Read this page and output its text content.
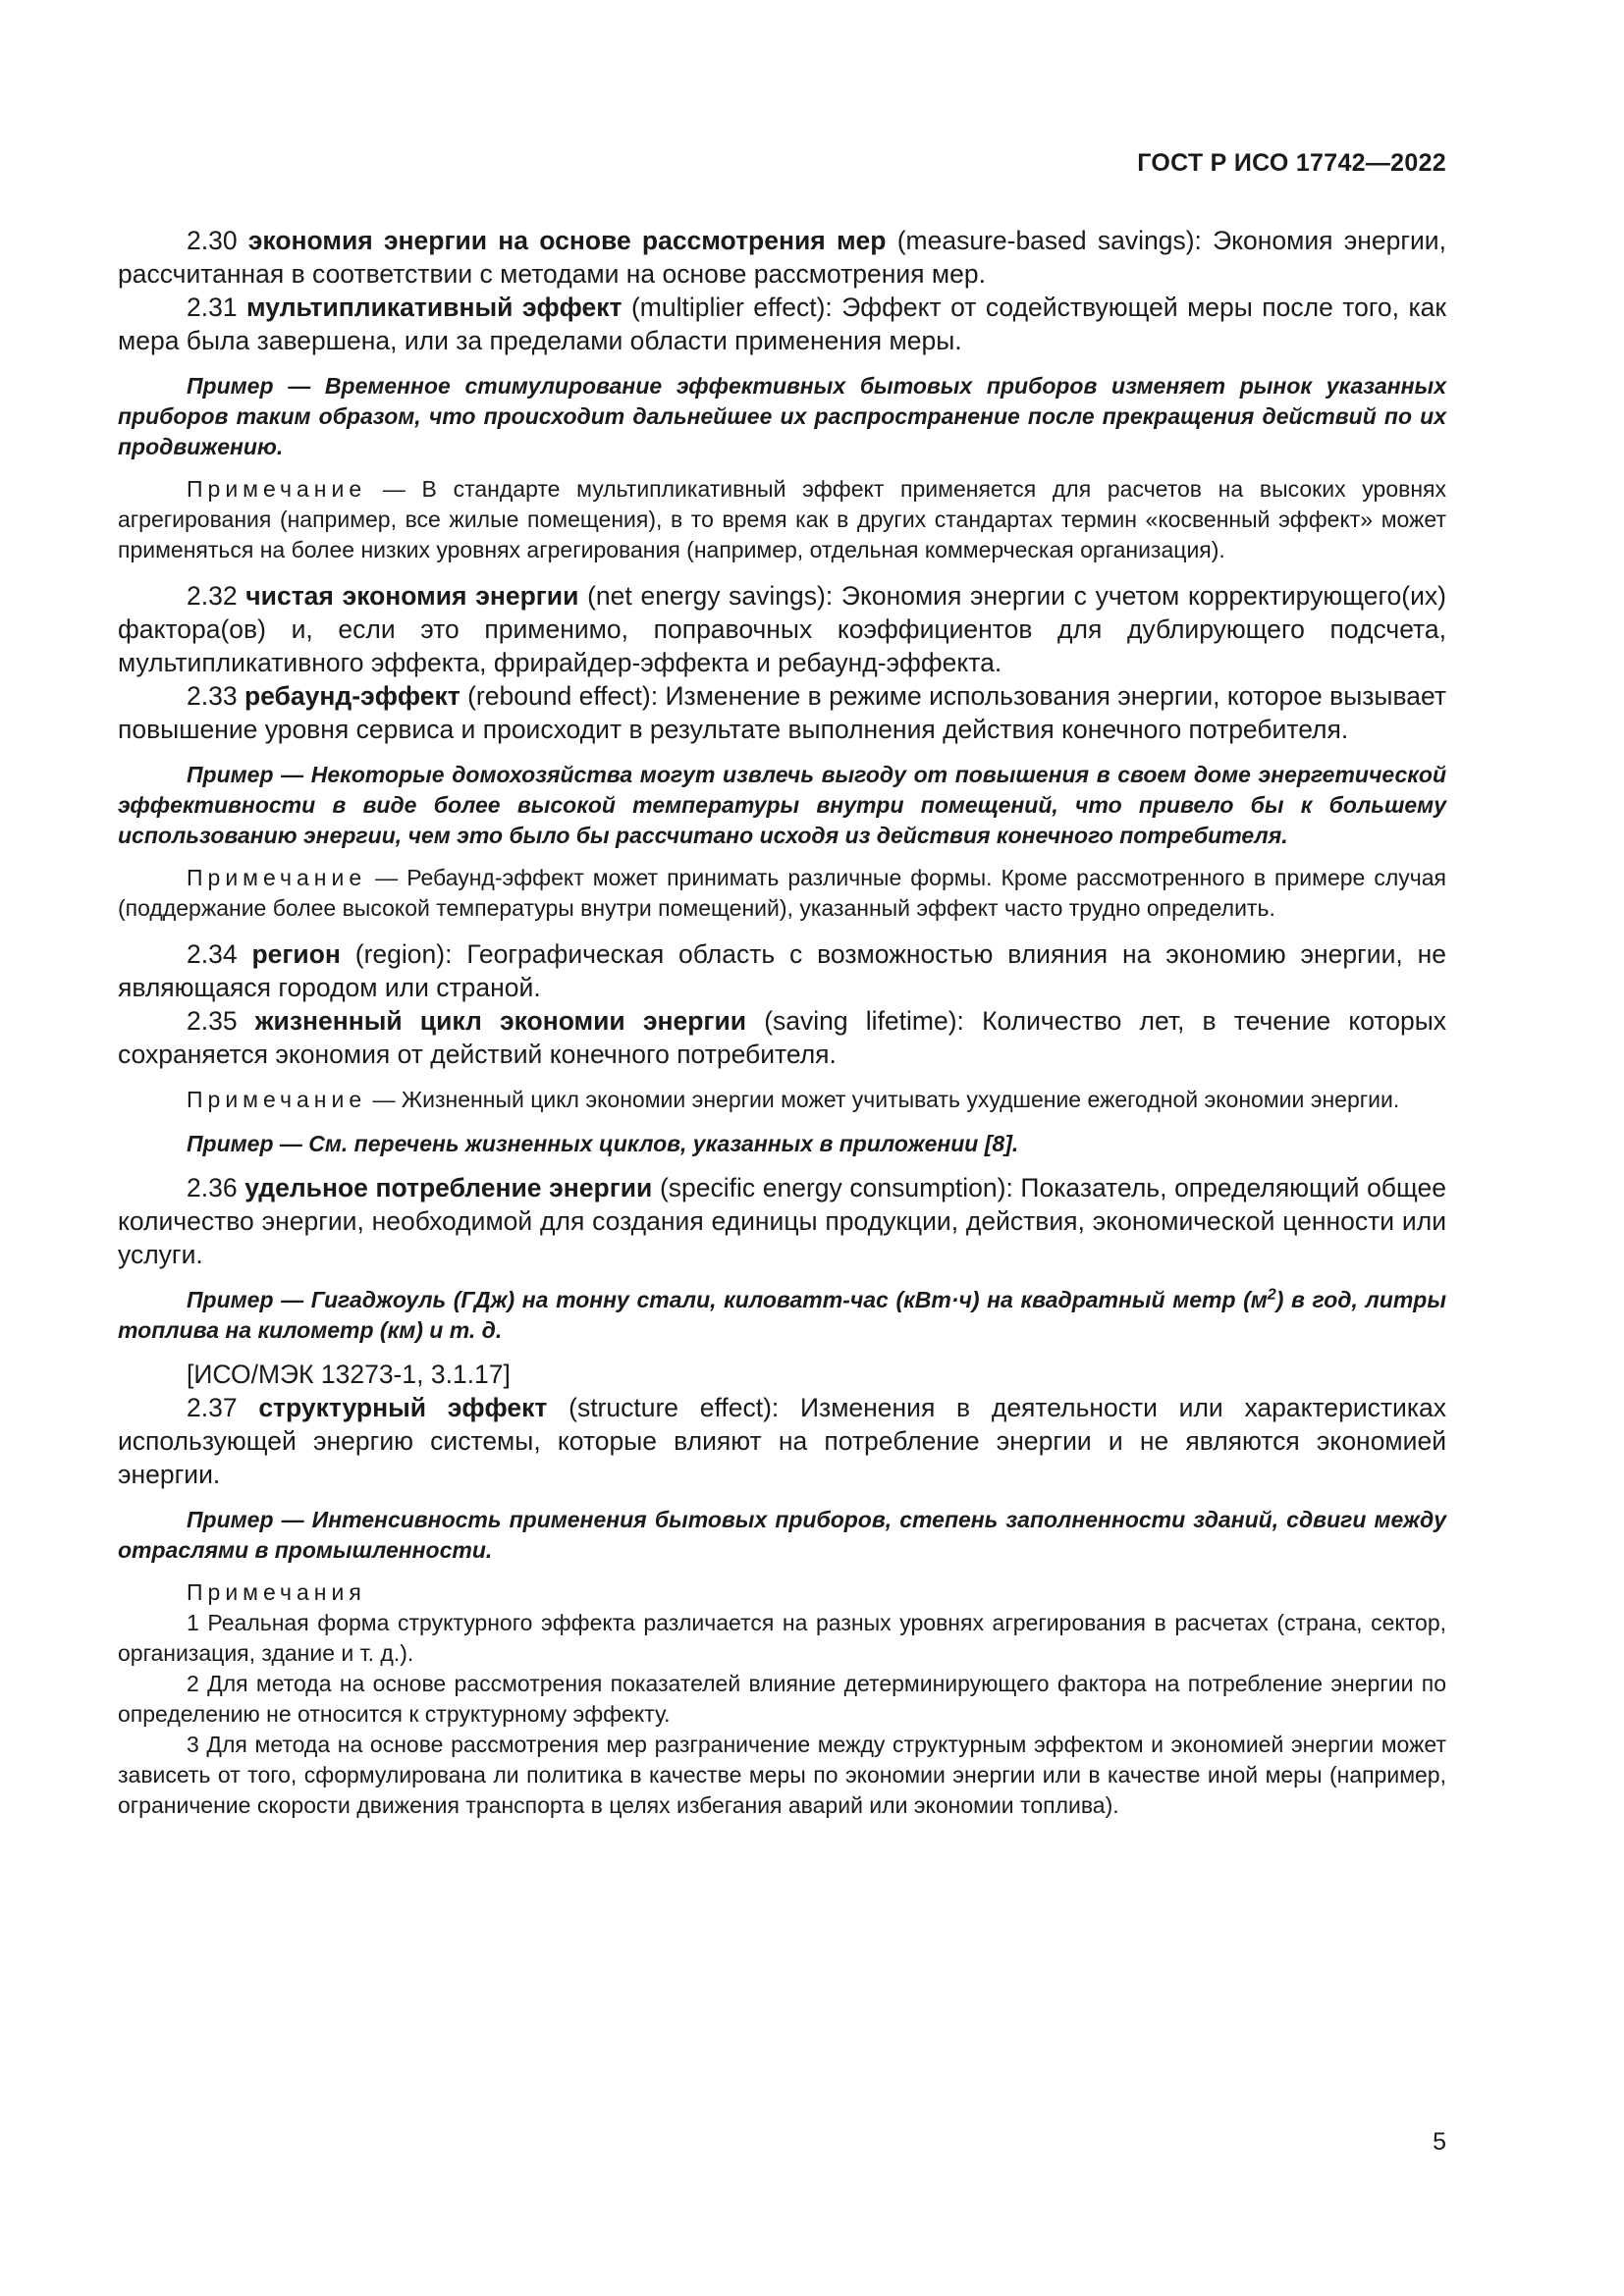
ГОСТ Р ИСО 17742—2022

2.30 экономия энергии на основе рассмотрения мер (measure-based savings): Экономия энергии, рассчитанная в соответствии с методами на основе рассмотрения мер.

2.31 мультипликативный эффект (multiplier effect): Эффект от содействующей меры после того, как мера была завершена, или за пределами области применения меры.

Пример — Временное стимулирование эффективных бытовых приборов изменяет рынок указанных приборов таким образом, что происходит дальнейшее их распространение после прекращения действий по их продвижению.

Примечание — В стандарте мультипликативный эффект применяется для расчетов на высоких уровнях агрегирования (например, все жилые помещения), в то время как в других стандартах термин «косвенный эффект» может применяться на более низких уровнях агрегирования (например, отдельная коммерческая организация).

2.32 чистая экономия энергии (net energy savings): Экономия энергии с учетом корректирующего(их) фактора(ов) и, если это применимо, поправочных коэффициентов для дублирующего подсчета, мультипликативного эффекта, фрирайдер-эффекта и ребаунд-эффекта.

2.33 ребаунд-эффект (rebound effect): Изменение в режиме использования энергии, которое вызывает повышение уровня сервиса и происходит в результате выполнения действия конечного потребителя.

Пример — Некоторые домохозяйства могут извлечь выгоду от повышения в своем доме энергетической эффективности в виде более высокой температуры внутри помещений, что привело бы к большему использованию энергии, чем это было бы рассчитано исходя из действия конечного потребителя.

Примечание — Ребаунд-эффект может принимать различные формы. Кроме рассмотренного в примере случая (поддержание более высокой температуры внутри помещений), указанный эффект часто трудно определить.

2.34 регион (region): Географическая область с возможностью влияния на экономию энергии, не являющаяся городом или страной.

2.35 жизненный цикл экономии энергии (saving lifetime): Количество лет, в течение которых сохраняется экономия от действий конечного потребителя.

Примечание — Жизненный цикл экономии энергии может учитывать ухудшение ежегодной экономии энергии.

Пример — См. перечень жизненных циклов, указанных в приложении [8].

2.36 удельное потребление энергии (specific energy consumption): Показатель, определяющий общее количество энергии, необходимой для создания единицы продукции, действия, экономической ценности или услуги.

Пример — Гигаджоуль (ГДж) на тонну стали, киловатт-час (кВт·ч) на квадратный метр $(м^2)$ в год, литры топлива на километр (км) и т. д.

[ИСО/МЭК 13273-1, 3.1.17]

2.37 структурный эффект (structure effect): Изменения в деятельности или характеристиках использующей энергию системы, которые влияют на потребление энергии и не являются экономией энергии.

Пример — Интенсивность применения бытовых приборов, степень заполненности зданий, сдвиги между отраслями в промышленности.

Примечания

1 Реальная форма структурного эффекта различается на разных уровнях агрегирования в расчетах (страна, сектор, организация, здание и т. д.).

2 Для метода на основе рассмотрения показателей влияние детерминирующего фактора на потребление энергии по определению не относится к структурному эффекту.

3 Для метода на основе рассмотрения мер разграничение между структурным эффектом и экономией энергии может зависеть от того, сформулирована ли политика в качестве меры по экономии энергии или в качестве иной меры (например, ограничение скорости движения транспорта в целях избегания аварий или экономии топлива).

5
